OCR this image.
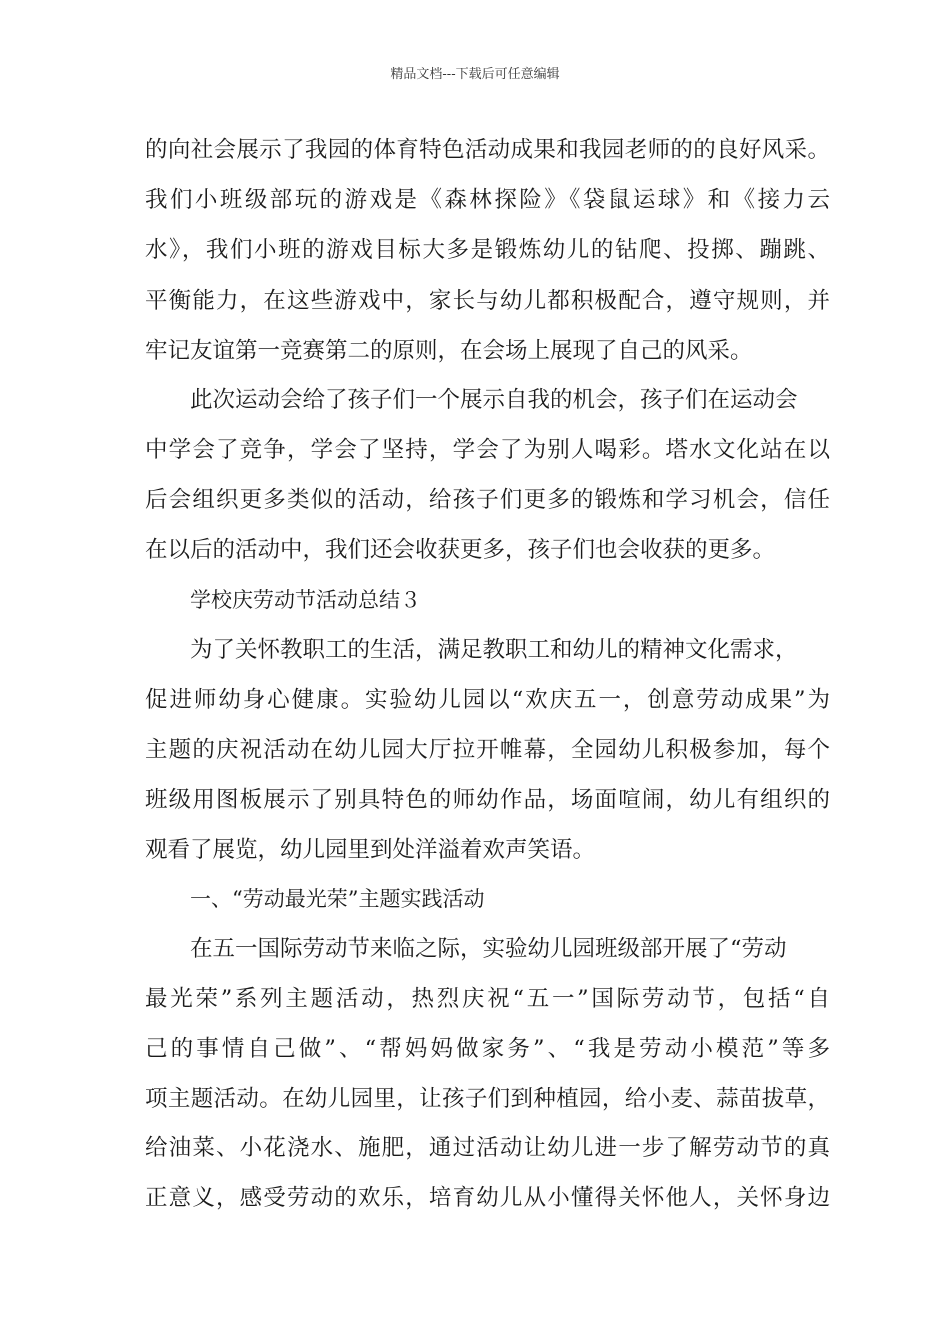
精品文档---下载后可任意编辑
的向社会展示了我园的体育特色活动成果和我园老师的的良好风采。
我们小班级部玩的游戏是《森林探险》《袋鼠运球》和《接力云
水》，我们小班的游戏目标大多是锻炼幼儿的钻爬、投掷、蹦跳、
平衡能力，在这些游戏中，家长与幼儿都积极配合，遵守规则，并
牢记友谊第一竞赛第二的原则，在会场上展现了自己的风采。
此次运动会给了孩子们一个展示自我的机会，孩子们在运动会
中学会了竞争，学会了坚持，学会了为别人喝彩。塔水文化站在以
后会组织更多类似的活动，给孩子们更多的锻炼和学习机会，信任
在以后的活动中，我们还会收获更多，孩子们也会收获的更多。
学校庆劳动节活动总结３
为了关怀教职工的生活，满足教职工和幼儿的精神文化需求，
促进师幼身心健康。实验幼儿园以“欢庆五一，创意劳动成果”为
主题的庆祝活动在幼儿园大厅拉开帷幕，全园幼儿积极参加，每个
班级用图板展示了别具特色的师幼作品，场面喧闹，幼儿有组织的
观看了展览，幼儿园里到处洋溢着欢声笑语。
一、“劳动最光荣”主题实践活动
在五一国际劳动节来临之际，实验幼儿园班级部开展了“劳动
最光荣”系列主题活动，热烈庆祝“五一”国际劳动节，包括“自
己的事情自己做”、“帮妈妈做家务”、“我是劳动小模范”等多
项主题活动。在幼儿园里，让孩子们到种植园，给小麦、蒜苗拔草，
给油菜、小花浇水、施肥，通过活动让幼儿进一步了解劳动节的真
正意义，感受劳动的欢乐，培育幼儿从小懂得关怀他人，关怀身边
